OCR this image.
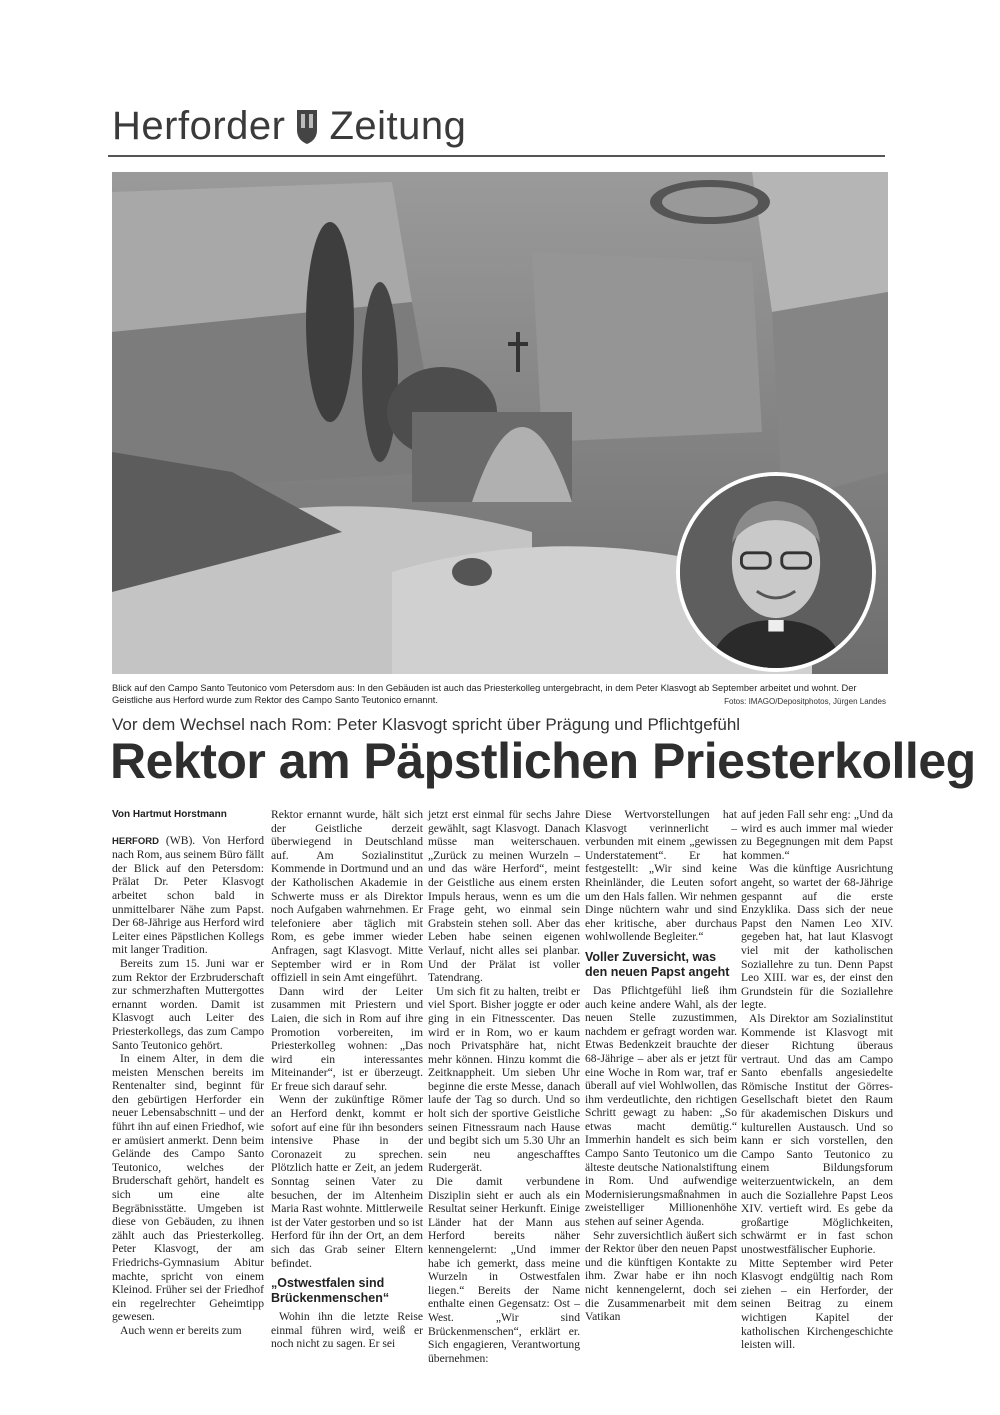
Herforder Zeitung
Blick auf den Campo Santo Teutonico vom Petersdom aus: In den Gebäuden ist auch das Priesterkolleg untergebracht, in dem Peter Klasvogt ab September arbeitet und wohnt. Der Geistliche aus Herford wurde zum Rektor des Campo Santo Teutonico ernannt.	Fotos: IMAGO/Depositphotos, Jürgen Landes
Vor dem Wechsel nach Rom: Peter Klasvogt spricht über Prägung und Pflichtgefühl
Rektor am Päpstlichen Priesterkolleg
Von Hartmut Horstmann

HERFORD (WB). Von Herford nach Rom, aus seinem Büro fällt der Blick auf den Petersdom: Prälat Dr. Peter Klasvogt arbeitet schon bald in unmittelbarer Nähe zum Papst. Der 68-Jährige aus Herford wird Leiter eines Päpstlichen Kollegs mit langer Tradition.

Bereits zum 15. Juni war er zum Rektor der Erzbruderschaft zur schmerzhaften Muttergottes ernannt worden. Damit ist Klasvogt auch Leiter des Priesterkollegs, das zum Campo Santo Teutonico gehört.

In einem Alter, in dem die meisten Menschen bereits im Rentenalter sind, beginnt für den gebürtigen Herforder ein neuer Lebensabschnitt – und der führt ihn auf einen Friedhof, wie er amüsiert anmerkt. Denn beim Gelände des Campo Santo Teutonico, welches der Bruderschaft gehört, handelt es sich um eine alte Begräbnisstätte. Umgeben ist diese von Gebäuden, zu ihnen zählt auch das Priesterkolleg. Peter Klasvogt, der am Friedrichs-Gymnasium Abitur machte, spricht von einem Kleinod. Früher sei der Friedhof ein regelrechter Geheimtipp gewesen.

Auch wenn er bereits zum

Rektor ernannt wurde, hält sich der Geistliche derzeit überwiegend in Deutschland auf. Am Sozialinstitut Kommende in Dortmund und an der Katholischen Akademie in Schwerte muss er als Direktor noch Aufgaben wahrnehmen. Er telefoniere aber täglich mit Rom, es gebe immer wieder Anfragen, sagt Klasvogt. Mitte September wird er in Rom offiziell in sein Amt eingeführt.

Dann wird der Leiter zusammen mit Priestern und Laien, die sich in Rom auf ihre Promotion vorbereiten, im Priesterkolleg wohnen: „Das wird ein interessantes Miteinander“, ist er überzeugt. Er freue sich darauf sehr.

Wenn der zukünftige Römer an Herford denkt, kommt er sofort auf eine für ihn besonders intensive Phase in der Coronazeit zu sprechen. Plötzlich hatte er Zeit, an jedem Sonntag seinen Vater zu besuchen, der im Altenheim Maria Rast wohnte. Mittlerweile ist der Vater gestorben und so ist Herford für ihn der Ort, an dem sich das Grab seiner Eltern befindet.

„Ostwestfalen sind Brückenmenschen“

Wohin ihn die letzte Reise einmal führen wird, weiß er noch nicht zu sagen. Er sei

jetzt erst einmal für sechs Jahre gewählt, sagt Klasvogt. Danach müsse man weiterschauen. „Zurück zu meinen Wurzeln – und das wäre Herford“, meint der Geistliche aus einem ersten Impuls heraus, wenn es um die Frage geht, wo einmal sein Grabstein stehen soll. Aber das Leben habe seinen eigenen Verlauf, nicht alles sei planbar. Und der Prälat ist voller Tatendrang.

Um sich fit zu halten, treibt er viel Sport. Bisher joggte er oder ging in ein Fitnesscenter. Das wird er in Rom, wo er kaum noch Privatsphäre hat, nicht mehr können. Hinzu kommt die Zeitknappheit. Um sieben Uhr beginne die erste Messe, danach laufe der Tag so durch. Und so holt sich der sportive Geistliche seinen Fitnessraum nach Hause und begibt sich um 5.30 Uhr an sein neu angeschafftes Rudergerät.

Die damit verbundene Disziplin sieht er auch als ein Resultat seiner Herkunft. Einige Länder hat der Mann aus Herford bereits näher kennengelernt: „Und immer habe ich gemerkt, dass meine Wurzeln in Ostwestfalen liegen.“ Bereits der Name enthalte einen Gegensatz: Ost – West. „Wir sind Brückenmenschen“, erklärt er. Sich engagieren, Verantwortung übernehmen:

Diese Wertvorstellungen hat Klasvogt verinnerlicht – verbunden mit einem „gewissen Understatement“. Er hat festgestellt: „Wir sind keine Rheinländer, die Leuten sofort um den Hals fallen. Wir nehmen Dinge nüchtern wahr und sind eher kritische, aber durchaus wohlwollende Begleiter.“

Voller Zuversicht, was den neuen Papst angeht

Das Pflichtgefühl ließ ihm auch keine andere Wahl, als der neuen Stelle zuzustimmen, nachdem er gefragt worden war. Etwas Bedenkzeit brauchte der 68-Jährige – aber als er jetzt für eine Woche in Rom war, traf er überall auf viel Wohlwollen, das ihm verdeutlichte, den richtigen Schritt gewagt zu haben: „So etwas macht demütig.“ Immerhin handelt es sich beim Campo Santo Teutonico um die älteste deutsche Nationalstiftung in Rom. Und aufwendige Modernisierungsmaßnahmen in zweistelliger Millionenhöhe stehen auf seiner Agenda.

Sehr zuversichtlich äußert sich der Rektor über den neuen Papst und die künftigen Kontakte zu ihm. Zwar habe er ihn noch nicht kennengelernt, doch sei die Zusammenarbeit mit dem Vatikan

auf jeden Fall sehr eng: „Und da wird es auch immer mal wieder zu Begegnungen mit dem Papst kommen.“

Was die künftige Ausrichtung angeht, so wartet der 68-Jährige gespannt auf die erste Enzyklika. Dass sich der neue Papst den Namen Leo XIV. gegeben hat, hat laut Klasvogt viel mit der katholischen Soziallehre zu tun. Denn Papst Leo XIII. war es, der einst den Grundstein für die Soziallehre legte.

Als Direktor am Sozialinstitut Kommende ist Klasvogt mit dieser Richtung überaus vertraut. Und das am Campo Santo ebenfalls angesiedelte Römische Institut der Görres-Gesellschaft bietet den Raum für akademischen Diskurs und kulturellen Austausch. Und so kann er sich vorstellen, den Campo Santo Teutonico zu einem Bildungsforum weiterzuentwickeln, an dem auch die Soziallehre Papst Leos XIV. vertieft wird. Es gebe da großartige Möglichkeiten, schwärmt er in fast schon unostwestfälischer Euphorie.

Mitte September wird Peter Klasvogt endgültig nach Rom ziehen – ein Herforder, der seinen Beitrag zu einem wichtigen Kapitel der katholischen Kirchengeschichte leisten will.
